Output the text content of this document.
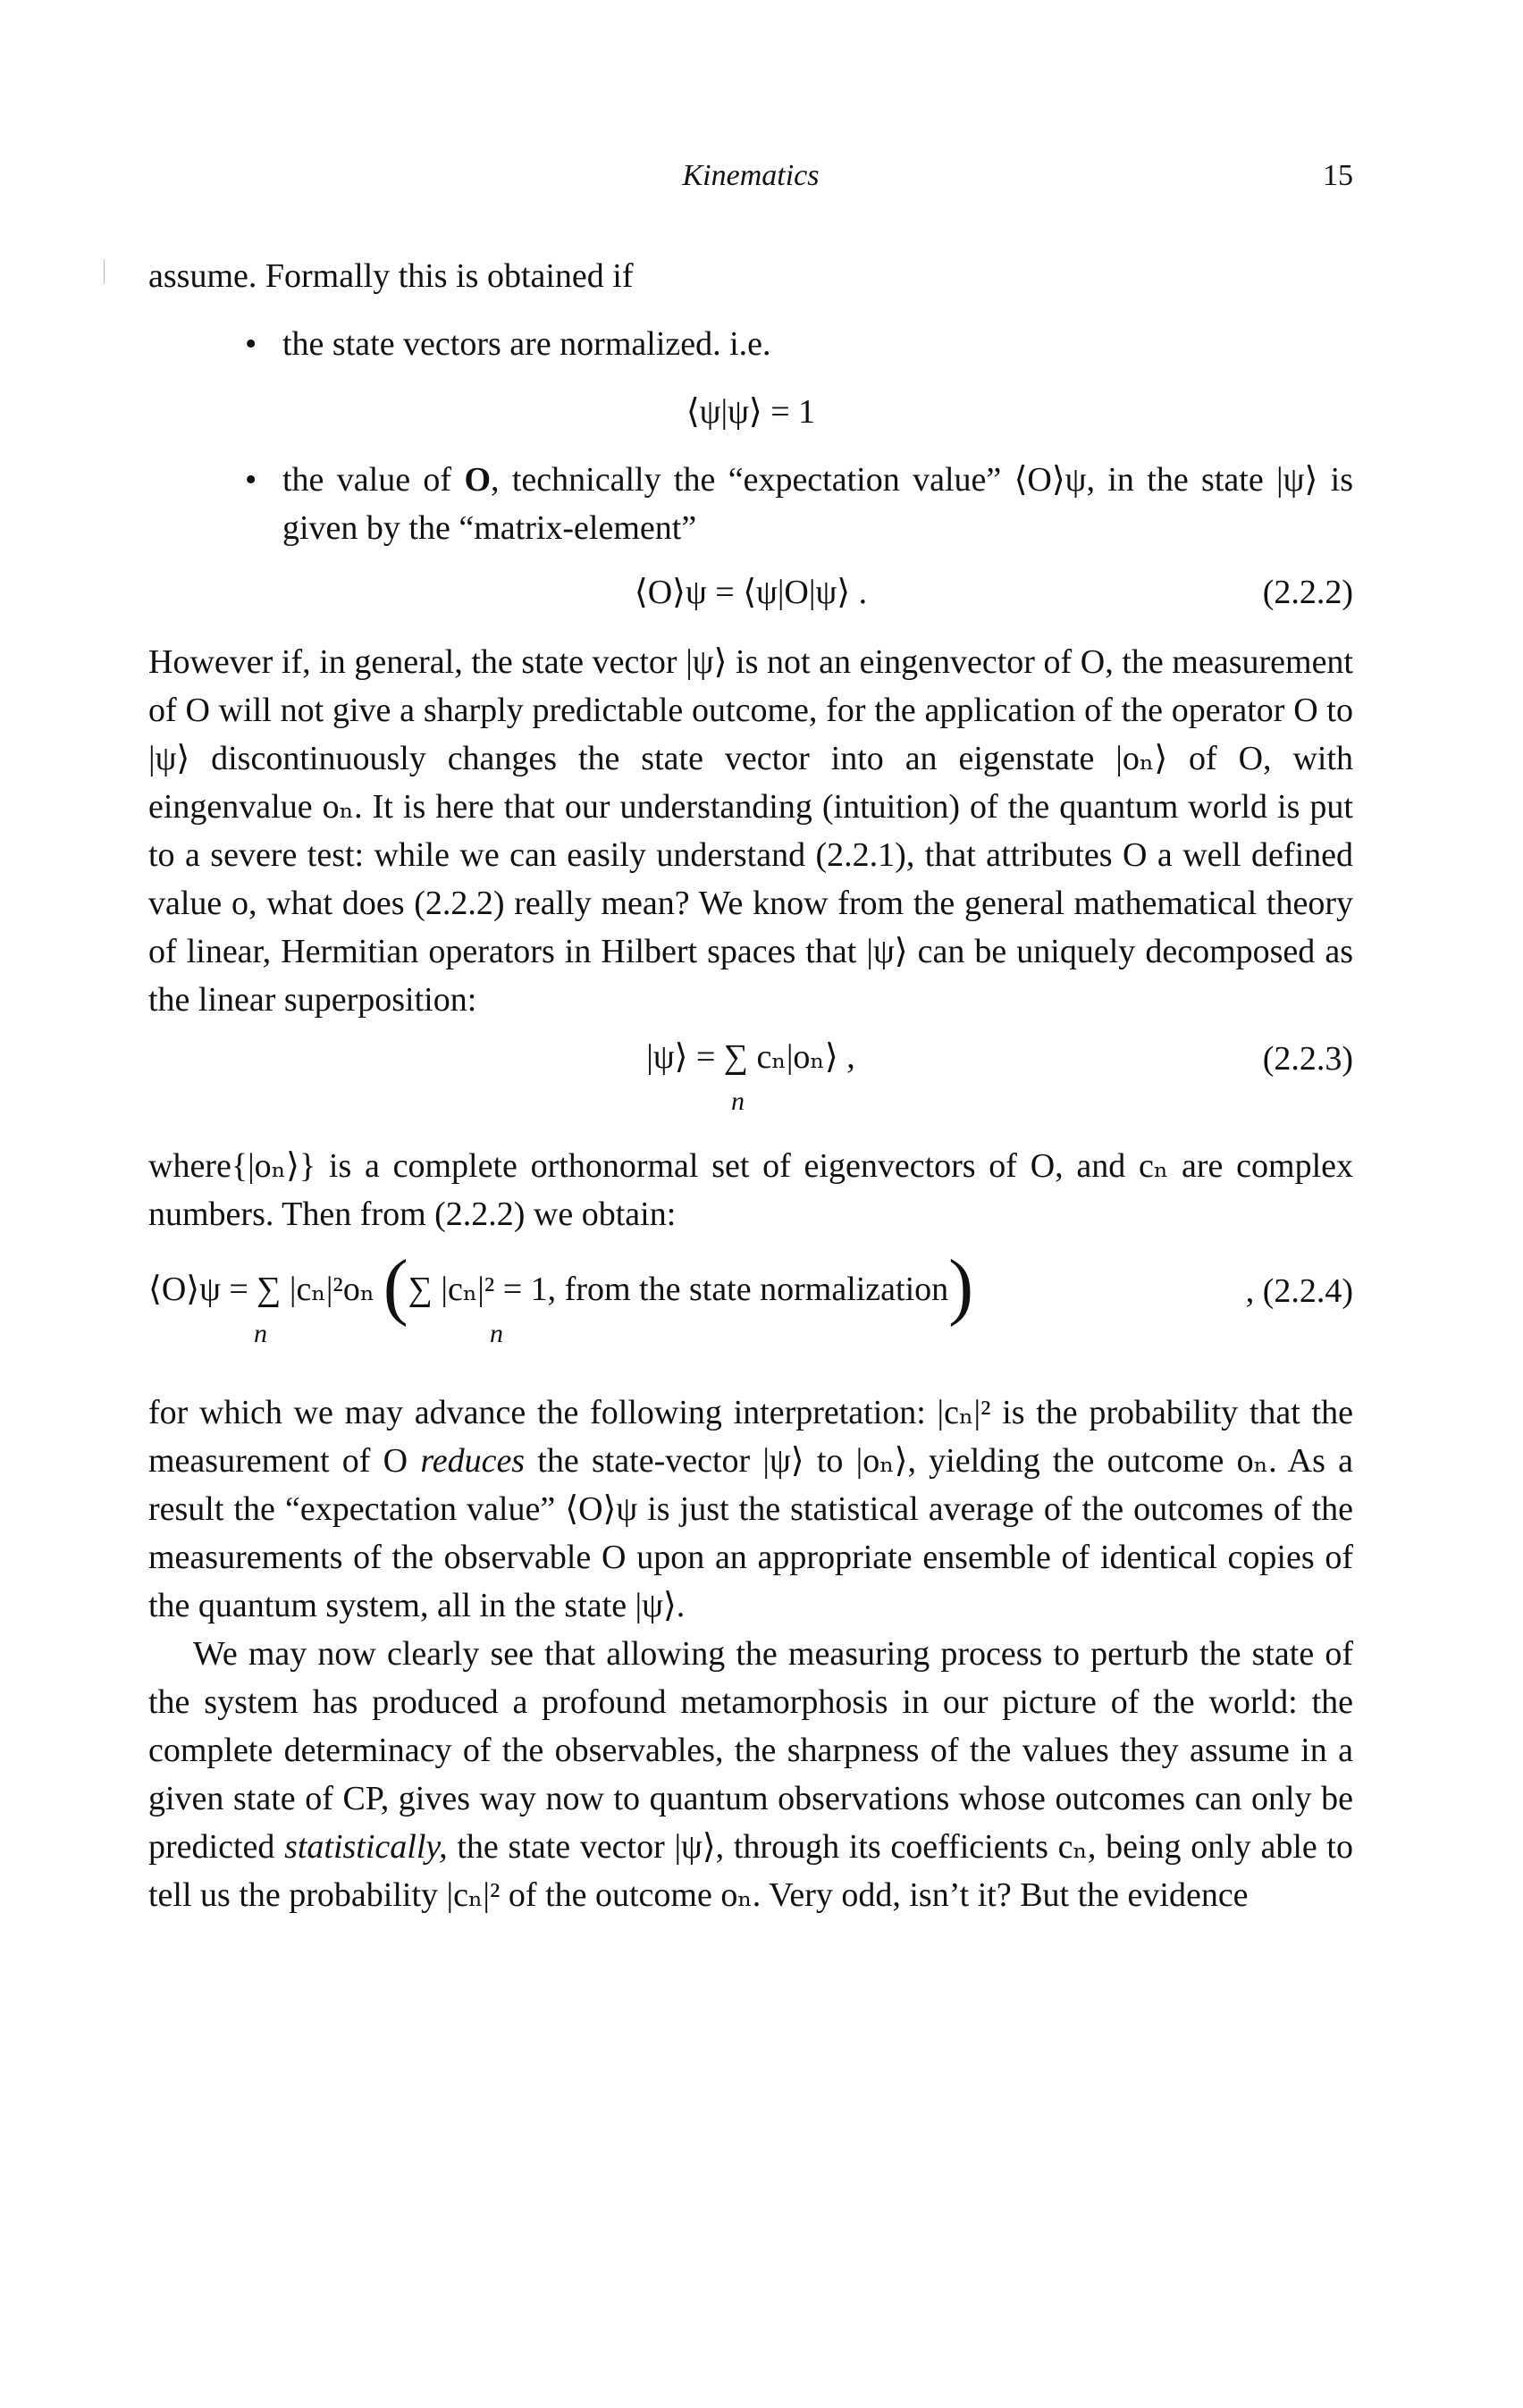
Kinematics	15

assume. Formally this is obtained if

• the state vectors are normalized. i.e.
⟨ψ|ψ⟩ = 1
• the value of O, technically the “expectation value” ⟨O⟩ψ, in the state |ψ⟩ is given by the “matrix-element”
⟨O⟩ψ = ⟨ψ|O|ψ⟩ .	(2.2.2)

However if, in general, the state vector |ψ⟩ is not an eingenvector of O, the measurement of O will not give a sharply predictable outcome, for the application of the operator O to |ψ⟩ discontinuously changes the state vector into an eigenstate |oₙ⟩ of O, with eingenvalue oₙ. It is here that our understanding (intuition) of the quantum world is put to a severe test: while we can easily understand (2.2.1), that attributes O a well defined value o, what does (2.2.2) really mean? We know from the general mathematical theory of linear, Hermitian operators in Hilbert spaces that |ψ⟩ can be uniquely decomposed as the linear superposition:

|ψ⟩ = ∑ cₙ|oₙ⟩ ,
n
(2.2.3)

where{|oₙ⟩} is a complete orthonormal set of eigenvectors of O, and cₙ are complex numbers. Then from (2.2.2) we obtain:

⟨O⟩ψ = ∑ |cₙ|²oₙ (∑ |cₙ|² = 1, from the state normalization)
n	n
, (2.2.4)

for which we may advance the following interpretation: |cₙ|² is the probability that the measurement of O reduces the state-vector |ψ⟩ to |oₙ⟩, yielding the outcome oₙ. As a result the “expectation value” ⟨O⟩ψ is just the statistical average of the outcomes of the measurements of the observable O upon an appropriate ensemble of identical copies of the quantum system, all in the state |ψ⟩.

We may now clearly see that allowing the measuring process to perturb the state of the system has produced a profound metamorphosis in our picture of the world: the complete determinacy of the observables, the sharpness of the values they assume in a given state of CP, gives way now to quantum observations whose outcomes can only be predicted statistically, the state vector |ψ⟩, through its coefficients cₙ, being only able to tell us the probability |cₙ|² of the outcome oₙ. Very odd, isn’t it? But the evidence
